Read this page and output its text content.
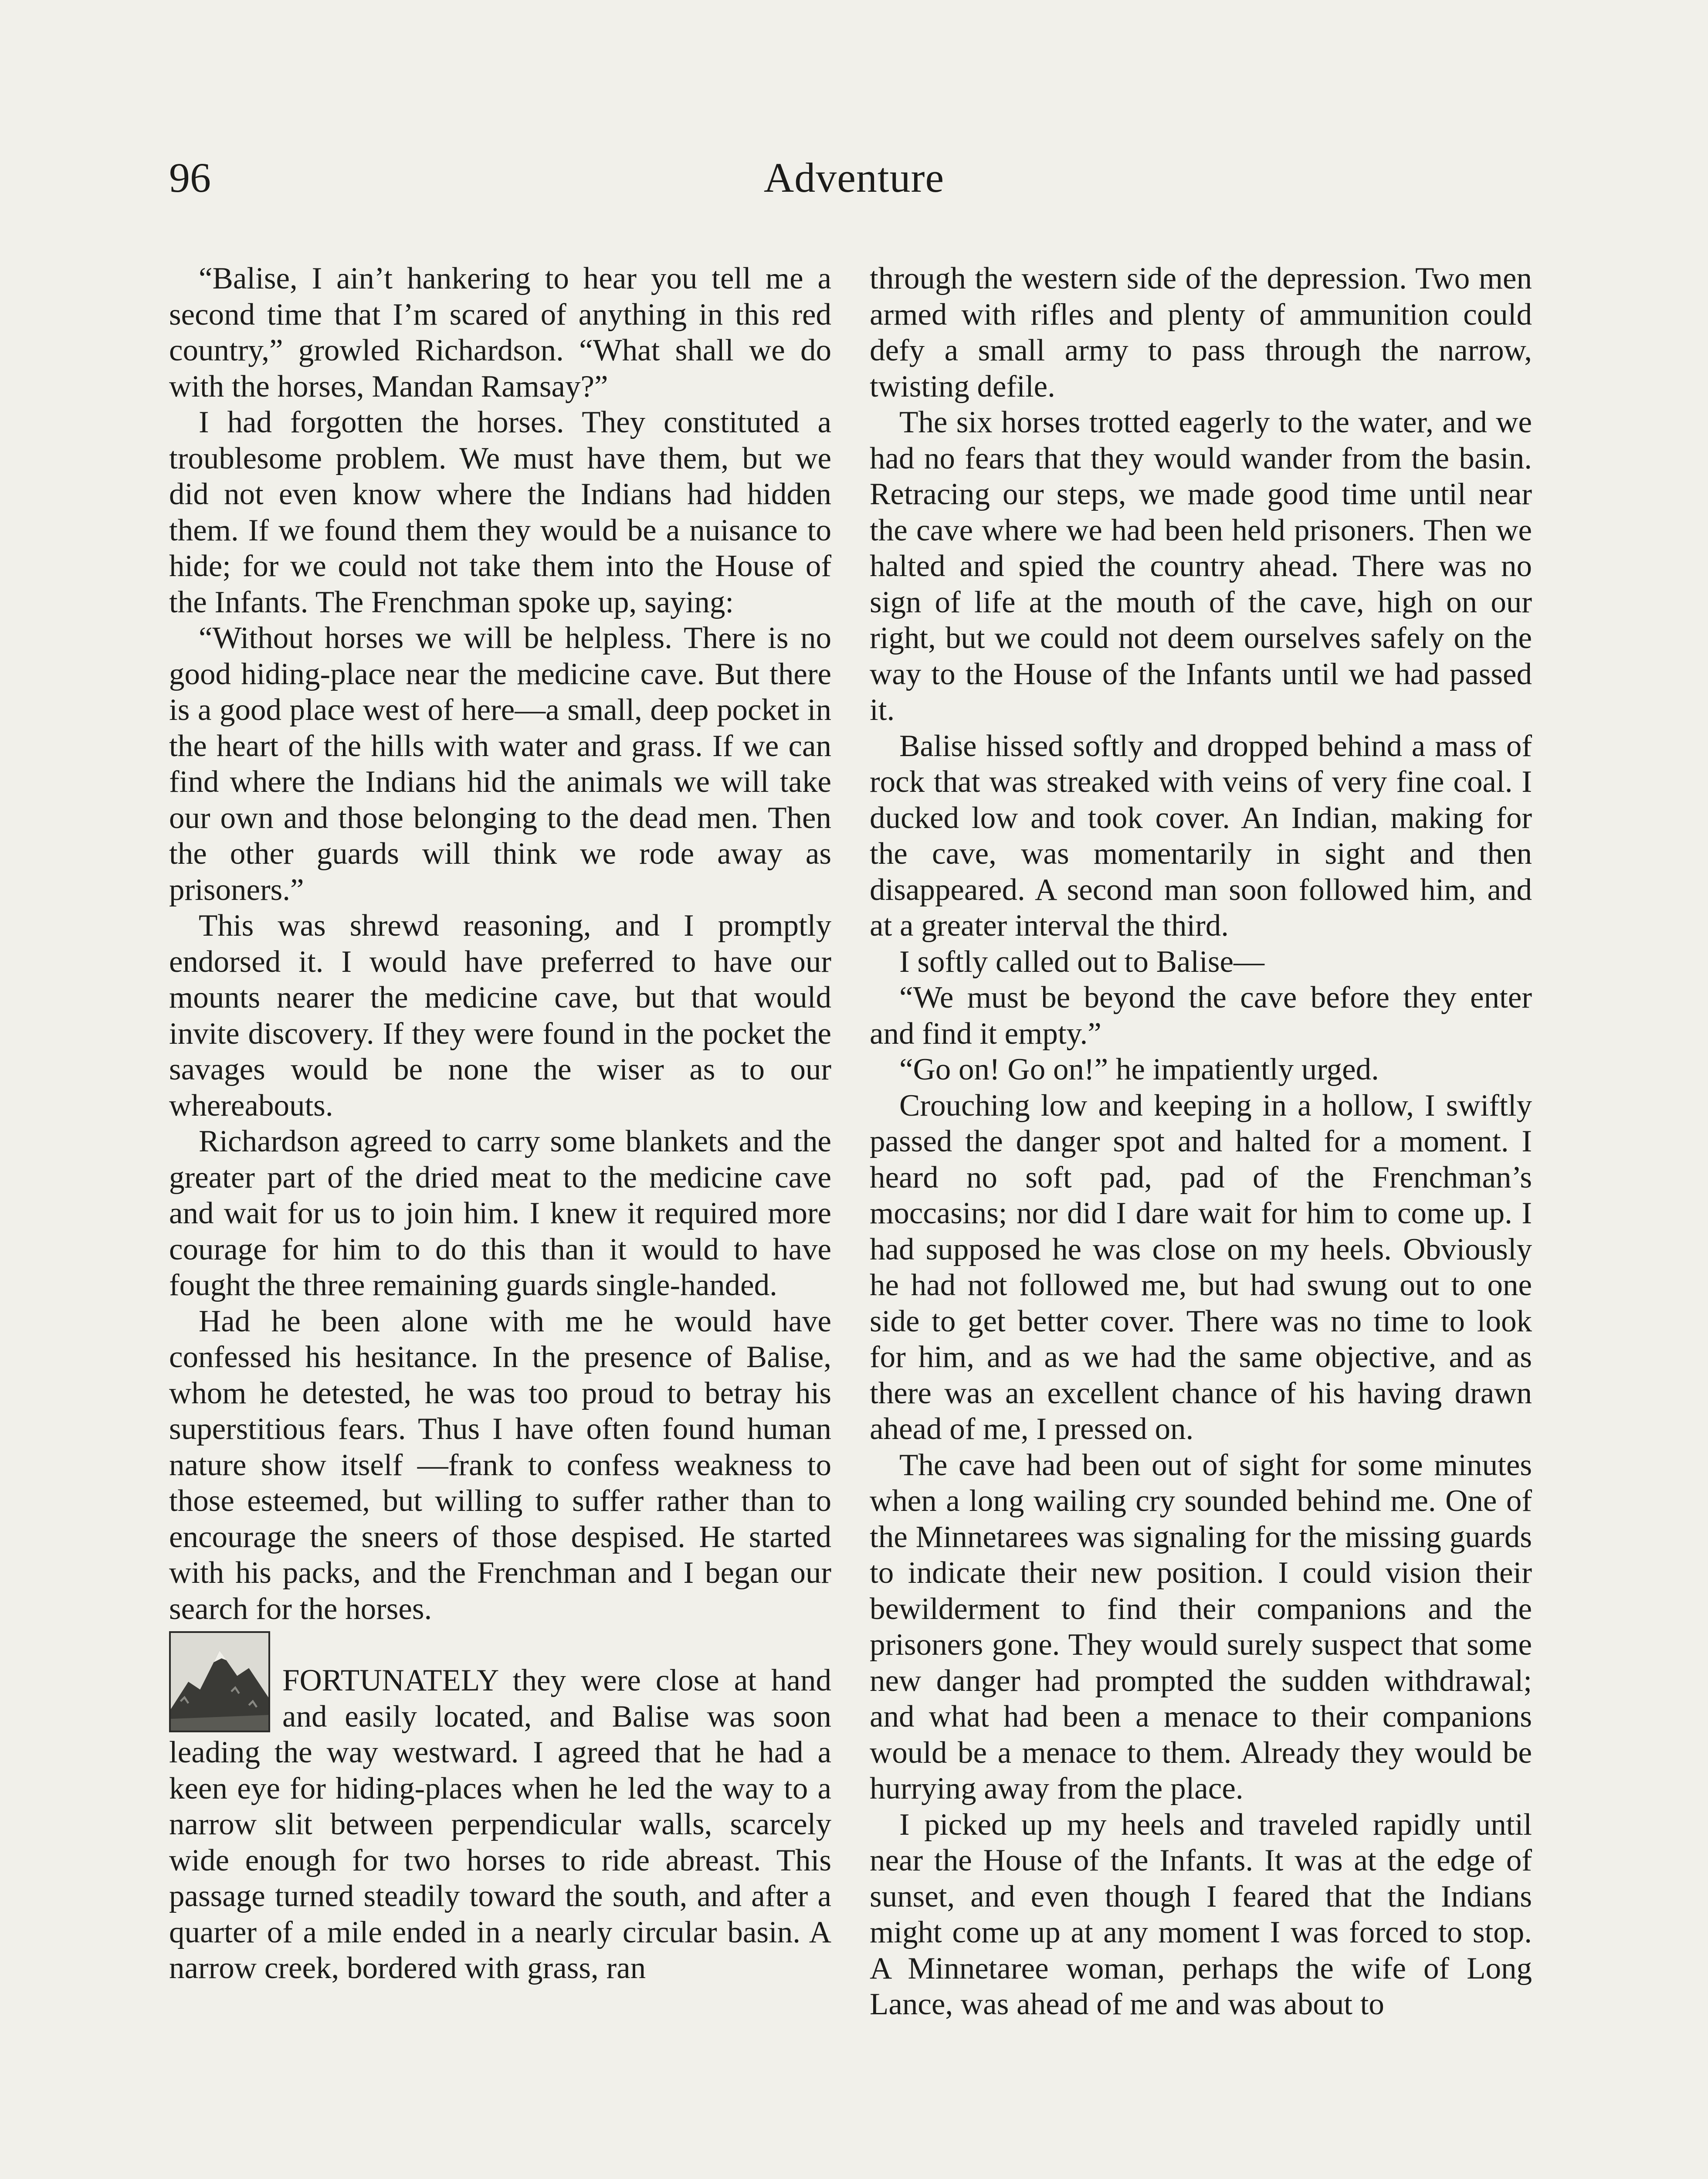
96	Adventure

“Balise, I ain’t hankering to hear you tell me a second time that I’m scared of anything in this red country,” growled Richardson. “What shall we do with the horses, Mandan Ramsay?”

I had forgotten the horses. They constituted a troublesome problem. We must have them, but we did not even know where the Indians had hidden them. If we found them they would be a nuisance to hide; for we could not take them into the House of the Infants. The Frenchman spoke up, saying:

“Without horses we will be helpless. There is no good hiding-place near the medicine cave. But there is a good place west of here—a small, deep pocket in the heart of the hills with water and grass. If we can find where the Indians hid the animals we will take our own and those belonging to the dead men. Then the other guards will think we rode away as prisoners.”

This was shrewd reasoning, and I promptly endorsed it. I would have preferred to have our mounts nearer the medicine cave, but that would invite discovery. If they were found in the pocket the savages would be none the wiser as to our whereabouts.

Richardson agreed to carry some blankets and the greater part of the dried meat to the medicine cave and wait for us to join him. I knew it required more courage for him to do this than it would to have fought the three remaining guards single-handed.

Had he been alone with me he would have confessed his hesitance. In the presence of Balise, whom he detested, he was too proud to betray his superstitious fears. Thus I have often found human nature show itself —frank to confess weakness to those esteemed, but willing to suffer rather than to encourage the sneers of those despised. He started with his packs, and the Frenchman and I began our search for the horses.

FORTUNATELY they were close at hand and easily located, and Balise was soon leading the way westward. I agreed that he had a keen eye for hiding-places when he led the way to a narrow slit between perpendicular walls, scarcely wide enough for two horses to ride abreast. This passage turned steadily toward the south, and after a quarter of a mile ended in a nearly circular basin. A narrow creek, bordered with grass, ran

through the western side of the depression. Two men armed with rifles and plenty of ammunition could defy a small army to pass through the narrow, twisting defile.

The six horses trotted eagerly to the water, and we had no fears that they would wander from the basin. Retracing our steps, we made good time until near the cave where we had been held prisoners. Then we halted and spied the country ahead. There was no sign of life at the mouth of the cave, high on our right, but we could not deem ourselves safely on the way to the House of the Infants until we had passed it.

Balise hissed softly and dropped behind a mass of rock that was streaked with veins of very fine coal. I ducked low and took cover. An Indian, making for the cave, was momentarily in sight and then disappeared. A second man soon followed him, and at a greater interval the third.

I softly called out to Balise—

“We must be beyond the cave before they enter and find it empty.”

“Go on! Go on!” he impatiently urged.

Crouching low and keeping in a hollow, I swiftly passed the danger spot and halted for a moment. I heard no soft pad, pad of the Frenchman’s moccasins; nor did I dare wait for him to come up. I had supposed he was close on my heels. Obviously he had not followed me, but had swung out to one side to get better cover. There was no time to look for him, and as we had the same objective, and as there was an excellent chance of his having drawn ahead of me, I pressed on.

The cave had been out of sight for some minutes when a long wailing cry sounded behind me. One of the Minnetarees was signaling for the missing guards to indicate their new position. I could vision their bewilderment to find their companions and the prisoners gone. They would surely suspect that some new danger had prompted the sudden withdrawal; and what had been a menace to their companions would be a menace to them. Already they would be hurrying away from the place.

I picked up my heels and traveled rapidly until near the House of the Infants. It was at the edge of sunset, and even though I feared that the Indians might come up at any moment I was forced to stop. A Minnetaree woman, perhaps the wife of Long Lance, was ahead of me and was about to
